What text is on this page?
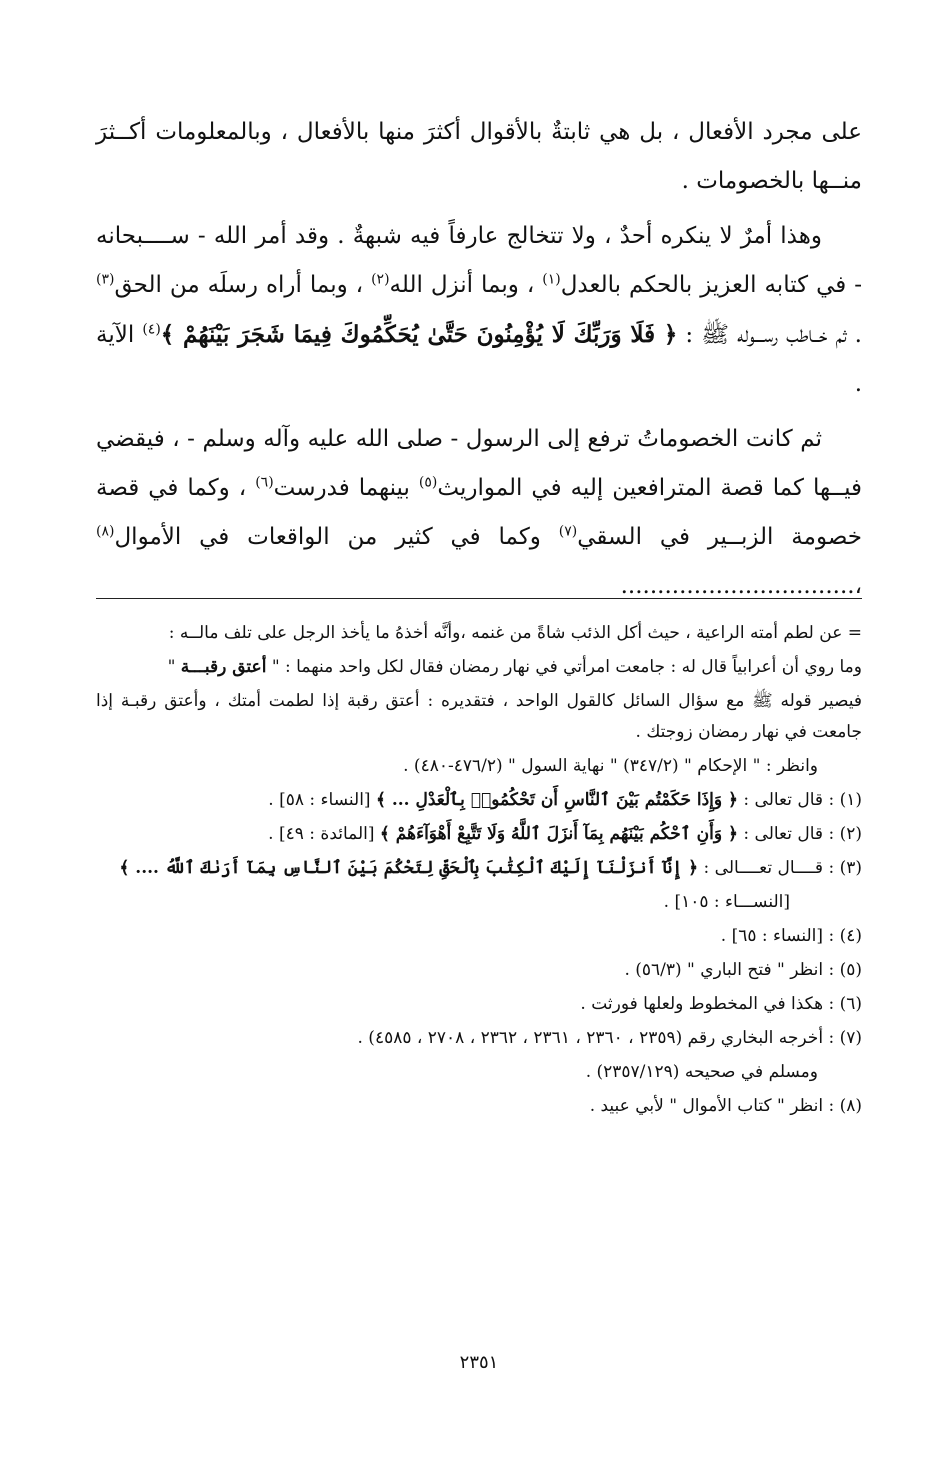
على مجرد الأفعال ، بل هي ثابتةٌ بالأقوال أكثرَ منها بالأفعال ، وبالمعلومات أكــثرَ منــها بالخصومات .

وهذا أمرٌ لا ينكره أحدٌ ، ولا تتخالج عارفاً فيه شبهةٌ . وقد أمر الله - ســــبحانه - في كتابه العزيز بالحكم بالعدل$^{(١)}$ ، وبما أنزل الله$^{(٢)}$ ، وبما أراه رسلَه من الحق$^{(٣)}$ . ثم خــاطب رســـوله ﷺ : ﴿ فَلَا وَرَبِّكَ لَا يُؤْمِنُونَ حَتَّىٰ يُحَكِّمُوكَ فِيمَا شَجَرَ بَيْنَهُمْ ﴾$^{(٤)}$ الآية .

ثم كانت الخصوماتُ ترفع إلى الرسول - صلى الله عليه وآله وسلم - ، فيقضي فيــها كما قصة المترافعين إليه في المواريث$^{(٥)}$ بينهما فدرست$^{(٦)}$ ، وكما في قصة خصومة الزبــير في السقي$^{(٧)}$ وكما في كثير من الواقعات في الأموال$^{(٨)}$ ،................................

= عن لطم أمته الراعية ، حيث أكل الذئب شاةً من غنمه ،وأنَّه أخذهُ ما يأخذ الرجل على تلف مالــه :

وما روي أن أعرابياً قال له : جامعت امرأتي في نهار رمضان فقال لكل واحد منهما : " أعتق رقبـــة "

فيصير قوله ﷺ مع سؤال السائل كالقول الواحد ، فتقديره : أعتق رقبة إذا لطمت أمتك ، وأعتق رقبـة إذا جامعت في نهار رمضان زوجتك .

وانظر : " الإحكام " (٣٤٧/٢) " نهاية السول " (٤٧٦/٢-٤٨٠) .

(١) : قال تعالى : ﴿ وَإِذَا حَكَمْتُم بَيْنَ ٱلنَّاسِ أَن تَحْكُمُوا۟ بِٱلْعَدْلِ ... ﴾ [النساء : ٥٨] .

(٢) : قال تعالى : ﴿ وَأَنِ ٱحْكُم بَيْنَهُم بِمَآ أَنزَلَ ٱللَّهُ وَلَا تَتَّبِعْ أَهْوَآءَهُمْ ﴾ [المائدة : ٤٩] .

(٣) : قــــال تعــــالى : ﴿ إِنَّآ أَنزَلْنَآ إِلَيْكَ ٱلْكِتَٰبَ بِٱلْحَقِّ لِتَحْكُمَ بَيْنَ ٱلنَّاسِ بِمَآ أَرَىٰكَ ٱللَّهُ .... ﴾

[النســـاء : ١٠٥] .

(٤) : [النساء : ٦٥] .

(٥) : انظر " فتح الباري " (٥٦/٣) .

(٦) : هكذا في المخطوط ولعلها فورثت .

(٧) : أخرجه البخاري رقم (٢٣٥٩ ، ٢٣٦٠ ، ٢٣٦١ ، ٢٣٦٢ ، ٢٧٠٨ ، ٤٥٨٥) .

ومسلم في صحيحه (٢٣٥٧/١٢٩) .

(٨) : انظر " كتاب الأموال " لأبي عبيد .

٢٣٥١
